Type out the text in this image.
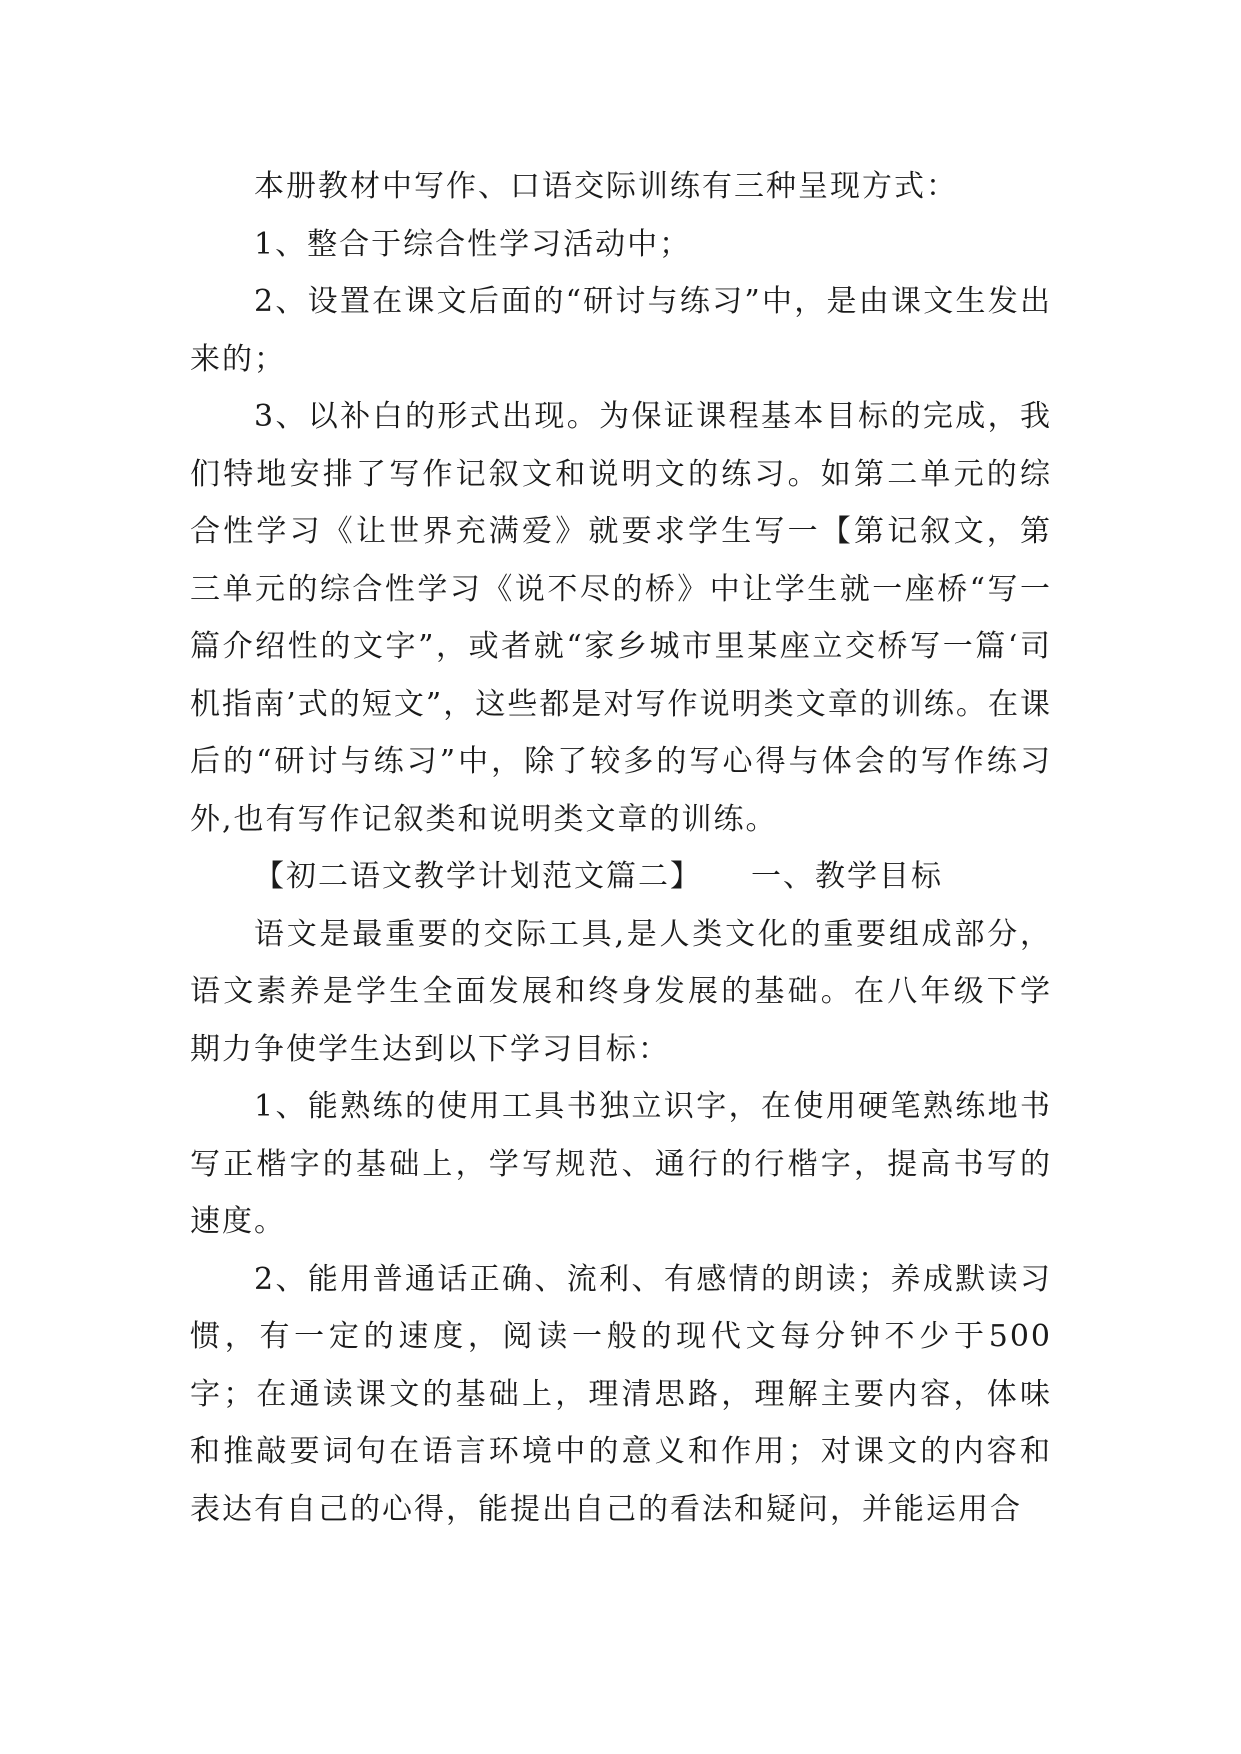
本册教材中写作、口语交际训练有三种呈现方式：

1、整合于综合性学习活动中；

2、设置在课文后面的“研讨与练习”中，是由课文生发出来的；

3、以补白的形式出现。为保证课程基本目标的完成，我们特地安排了写作记叙文和说明文的练习。如第二单元的综合性学习《让世界充满爱》就要求学生写一【第记叙文，第三单元的综合性学习《说不尽的桥》中让学生就一座桥“写一篇介绍性的文字”，或者就“家乡城市里某座立交桥写一篇‘司机指南’式的短文”，这些都是对写作说明类文章的训练。在课后的“研讨与练习”中，除了较多的写心得与体会的写作练习外,也有写作记叙类和说明类文章的训练。

【初二语文教学计划范文篇二】　　一、教学目标

语文是最重要的交际工具,是人类文化的重要组成部分，语文素养是学生全面发展和终身发展的基础。在八年级下学期力争使学生达到以下学习目标：

1、能熟练的使用工具书独立识字，在使用硬笔熟练地书写正楷字的基础上，学写规范、通行的行楷字，提高书写的速度。

2、能用普通话正确、流利、有感情的朗读；养成默读习惯，有一定的速度，阅读一般的现代文每分钟不少于500字；在通读课文的基础上，理清思路，理解主要内容，体味和推敲要词句在语言环境中的意义和作用；对课文的内容和表达有自己的心得，能提出自己的看法和疑问，并能运用合
